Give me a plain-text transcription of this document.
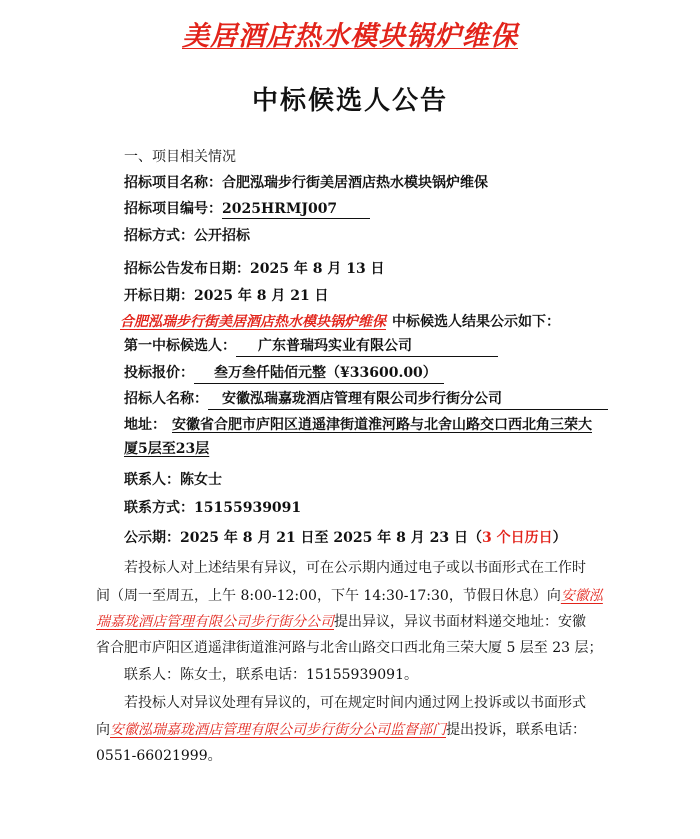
美居酒店热水模块锅炉维保
中标候选人公告
一、项目相关情况
招标项目名称：合肥泓瑞步行街美居酒店热水模块锅炉维保
招标项目编号：2025HRMJ007
招标方式：公开招标
招标公告发布日期：2025 年 8 月 13 日
开标日期：2025 年 8 月 21 日
合肥泓瑞步行街美居酒店热水模块锅炉维保 中标候选人结果公示如下：
第一中标候选人： 广东普瑞玛实业有限公司
投标报价： 叁万叁仟陆佰元整（¥33600.00）
招标人名称： 安徽泓瑞嘉珑酒店管理有限公司步行街分公司
地址： 安徽省合肥市庐阳区逍遥津街道淮河路与北舍山路交口西北角三荣大
厦5层至23层
联系人：陈女士
联系方式：15155939091
公示期：2025 年 8 月 21 日至 2025 年 8 月 23 日（3 个日历日）
若投标人对上述结果有异议，可在公示期内通过电子或以书面形式在工作时
间（周一至周五，上午 8:00-12:00，下午 14:30-17:30，节假日休息）向安徽泓
瑞嘉珑酒店管理有限公司步行街分公司提出异议，异议书面材料递交地址：安徽
省合肥市庐阳区逍遥津街道淮河路与北舍山路交口西北角三荣大厦 5 层至 23 层；
联系人：陈女士，联系电话：15155939091。
若投标人对异议处理有异议的，可在规定时间内通过网上投诉或以书面形式
向安徽泓瑞嘉珑酒店管理有限公司步行街分公司监督部门提出投诉，联系电话：
0551-66021999。
